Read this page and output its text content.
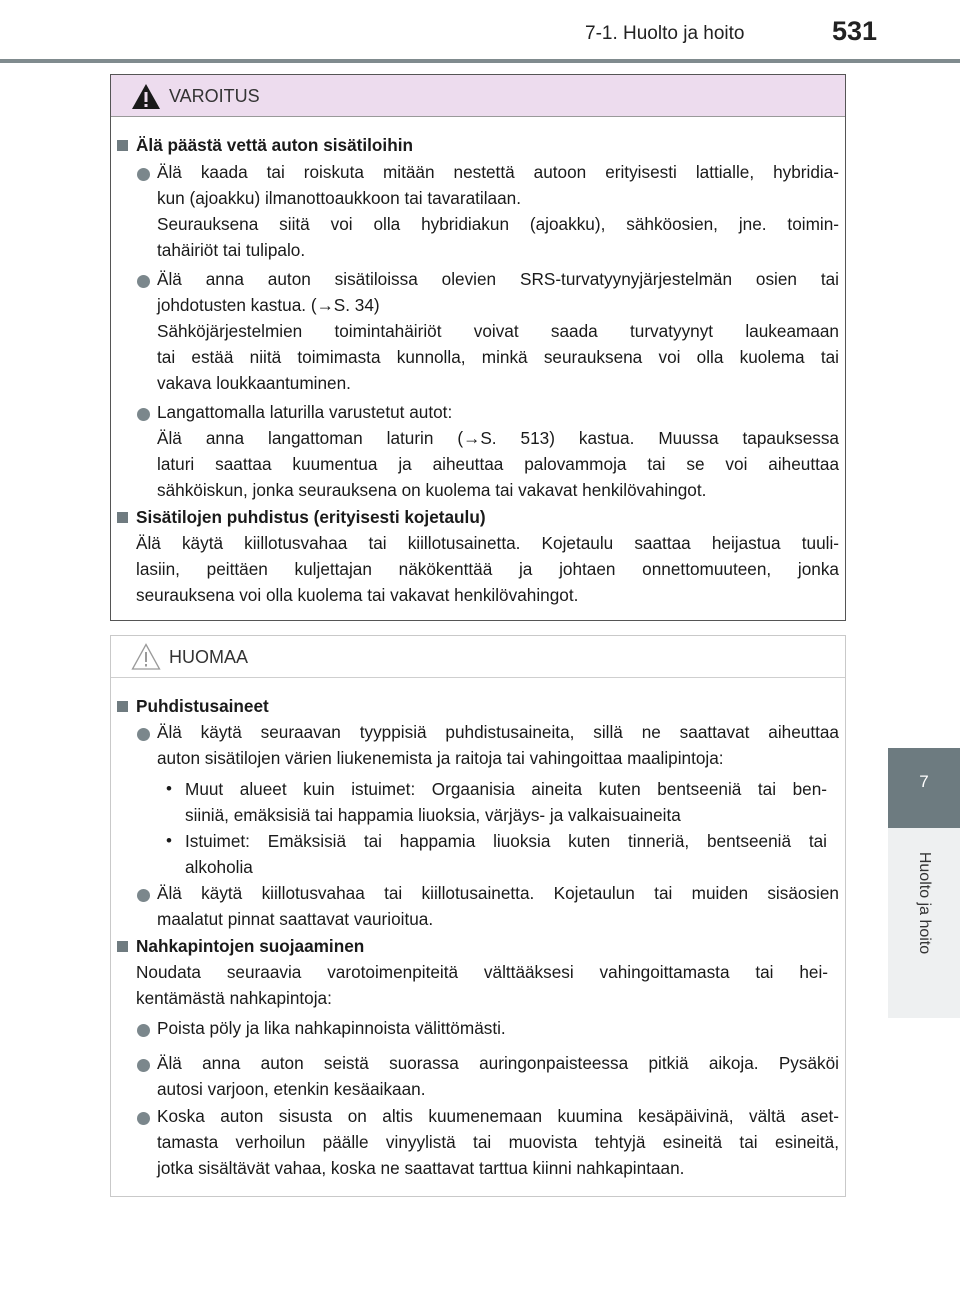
7-1. Huolto ja hoito	531
7
Huolto ja hoito
VAROITUS
Älä päästä vettä auton sisätiloihin
Älä kaada tai roiskuta mitään nestettä autoon erityisesti lattialle, hybridia-
kun (ajoakku) ilmanottoaukkoon tai tavaratilaan.
Seurauksena siitä voi olla hybridiakun (ajoakku), sähköosien, jne. toimin-
tahäiriöt tai tulipalo.
Älä anna auton sisätiloissa olevien SRS-turvatyynyjärjestelmän osien tai
johdotusten kastua. (→S. 34)
Sähköjärjestelmien toimintahäiriöt voivat saada turvatyynyt laukeamaan
tai estää niitä toimimasta kunnolla, minkä seurauksena voi olla kuolema tai
vakava loukkaantuminen.
Langattomalla laturilla varustetut autot:
Älä anna langattoman laturin (→S. 513) kastua. Muussa tapauksessa
laturi saattaa kuumentua ja aiheuttaa palovammoja tai se voi aiheuttaa
sähköiskun, jonka seurauksena on kuolema tai vakavat henkilövahingot.
Sisätilojen puhdistus (erityisesti kojetaulu)
Älä käytä kiillotusvahaa tai kiillotusainetta. Kojetaulu saattaa heijastua tuuli-
lasiin, peittäen kuljettajan näkökenttää ja johtaen onnettomuuteen, jonka
seurauksena voi olla kuolema tai vakavat henkilövahingot.
HUOMAA
Puhdistusaineet
Älä käytä seuraavan tyyppisiä puhdistusaineita, sillä ne saattavat aiheuttaa
auton sisätilojen värien liukenemista ja raitoja tai vahingoittaa maalipintoja:
• Muut alueet kuin istuimet: Orgaanisia aineita kuten bentseeniä tai ben-
siiniä, emäksisiä tai happamia liuoksia, värjäys- ja valkaisuaineita
• Istuimet: Emäksisiä tai happamia liuoksia kuten tinneriä, bentseeniä tai
alkoholia
Älä käytä kiillotusvahaa tai kiillotusainetta. Kojetaulun tai muiden sisäosien
maalatut pinnat saattavat vaurioitua.
Nahkapintojen suojaaminen
Noudata seuraavia varotoimenpiteitä välttääksesi vahingoittamasta tai hei-
kentämästä nahkapintoja:
Poista pöly ja lika nahkapinnoista välittömästi.
Älä anna auton seistä suorassa auringonpaisteessa pitkiä aikoja. Pysäköi
autosi varjoon, etenkin kesäaikaan.
Koska auton sisusta on altis kuumenemaan kuumina kesäpäivinä, vältä aset-
tamasta verhoilun päälle vinyylistä tai muovista tehtyjä esineitä tai esineitä,
jotka sisältävät vahaa, koska ne saattavat tarttua kiinni nahkapintaan.
